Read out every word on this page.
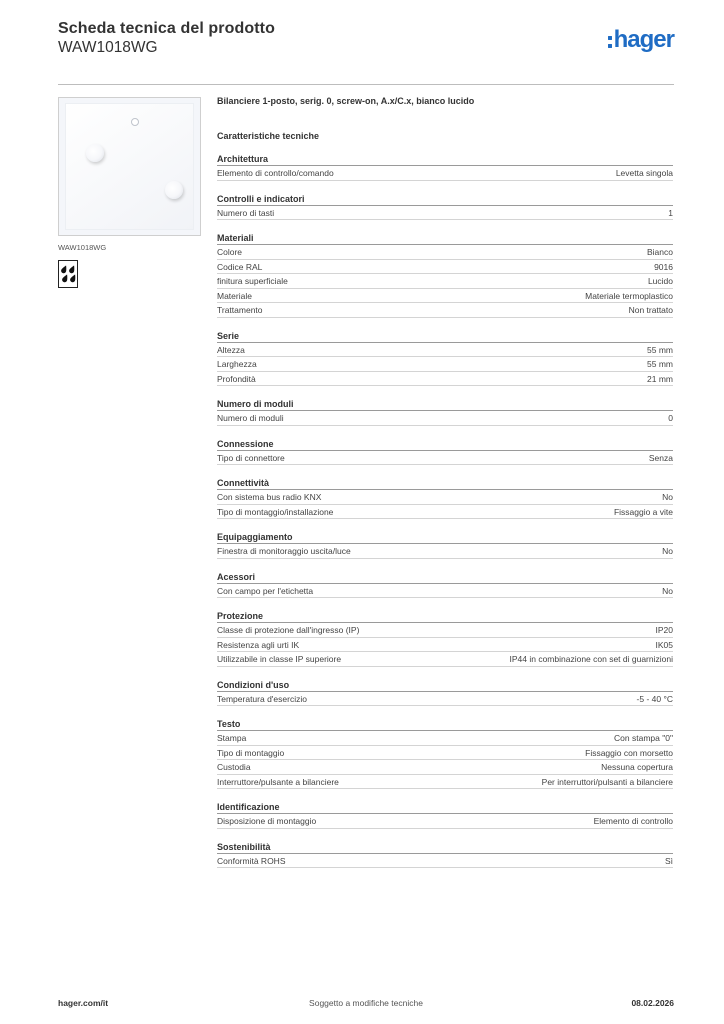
Scheda tecnica del prodotto
WAW1018WG	hager
WAW1018WG
Bilanciere 1-posto, serig. 0, screw-on, A.x/C.x, bianco lucido
Caratteristiche tecniche
Architettura
Elemento di controllo/comando	Levetta singola
Controlli e indicatori
Numero di tasti	1
Materiali
Colore	Bianco
Codice RAL	9016
finitura superficiale	Lucido
Materiale	Materiale termoplastico
Trattamento	Non trattato
Serie
Altezza	55 mm
Larghezza	55 mm
Profondità	21 mm
Numero di moduli
Numero di moduli	0
Connessione
Tipo di connettore	Senza
Connettività
Con sistema bus radio KNX	No
Tipo di montaggio/installazione	Fissaggio a vite
Equipaggiamento
Finestra di monitoraggio uscita/luce	No
Acessori
Con campo per l'etichetta	No
Protezione
Classe di protezione dall'ingresso (IP)	IP20
Resistenza agli urti IK	IK05
Utilizzabile in classe IP superiore	IP44 in combinazione con set di guarnizioni
Condizioni d'uso
Temperatura d'esercizio	-5 - 40 °C
Testo
Stampa	Con stampa "0"
Tipo di montaggio	Fissaggio con morsetto
Custodia	Nessuna copertura
Interruttore/pulsante a bilanciere	Per interruttori/pulsanti a bilanciere
Identificazione
Disposizione di montaggio	Elemento di controllo
Sostenibilità
Conformità ROHS	Sì
hager.com/it	Soggetto a modifiche tecniche	08.02.2026
